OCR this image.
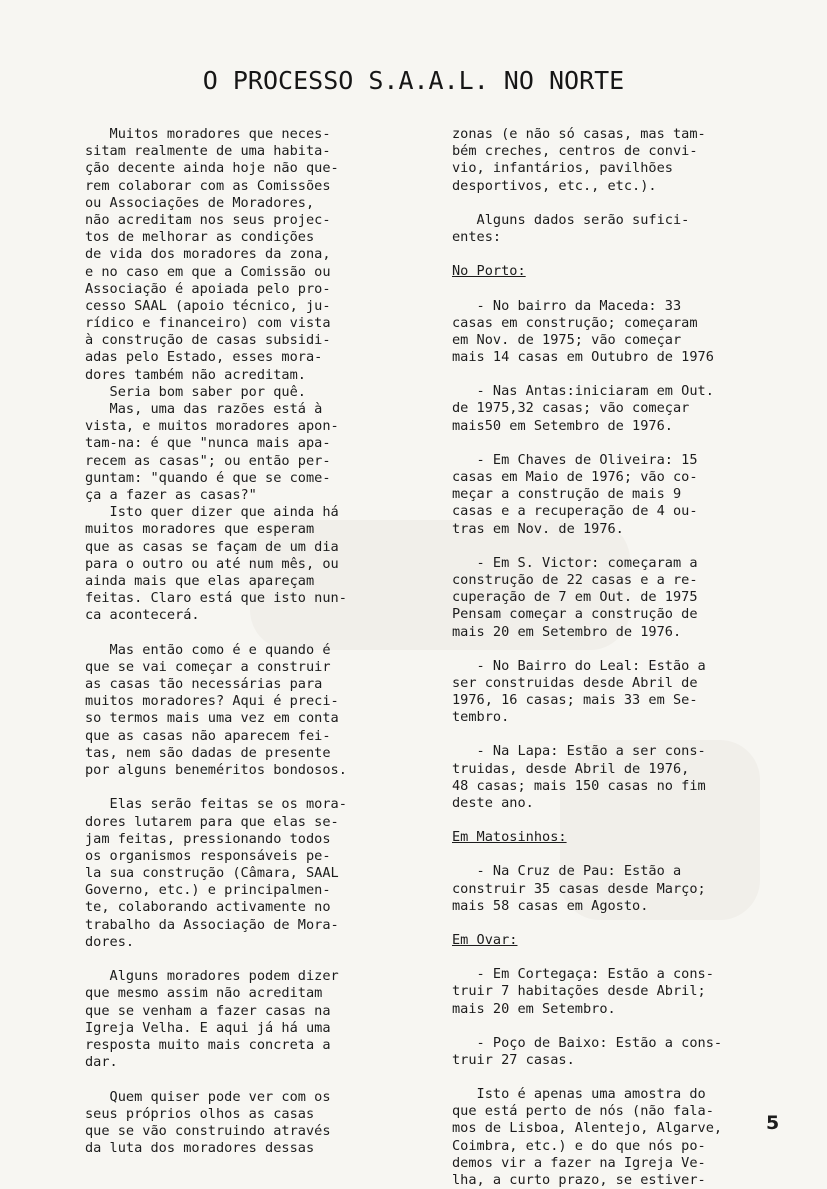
O PROCESSO S.A.A.L. NO NORTE
Muitos moradores que neces-
sitam realmente de uma habita-
ção decente ainda hoje não que-
rem colaborar com as Comissões
ou Associações de Moradores,
não acreditam nos seus projec-
tos de melhorar as condições
de vida dos moradores da zona,
e no caso em que a Comissão ou
Associação é apoiada pelo pro-
cesso SAAL (apoio técnico, ju-
rídico e financeiro) com vista
à construção de casas subsidi-
adas pelo Estado, esses mora-
dores também não acreditam.
Seria bom saber por quê.
Mas, uma das razões está à
vista, e muitos moradores apon-
tam-na: é que "nunca mais apa-
recem as casas"; ou então per-
guntam: "quando é que se come-
ça a fazer as casas?"
Isto quer dizer que ainda há
muitos moradores que esperam
que as casas se façam de um dia
para o outro ou até num mês, ou
ainda mais que elas apareçam
feitas. Claro está que isto nun-
ca acontecerá.
Mas então como é e quando é
que se vai começar a construir
as casas tão necessárias para
muitos moradores? Aqui é preci-
so termos mais uma vez em conta
que as casas não aparecem fei-
tas, nem são dadas de presente
por alguns beneméritos bondosos.
Elas serão feitas se os mora-
dores lutarem para que elas se-
jam feitas, pressionando todos
os organismos responsáveis pe-
la sua construção (Câmara, SAAL
Governo, etc.) e principalmen-
te, colaborando activamente no
trabalho da Associação de Mora-
dores.
Alguns moradores podem dizer
que mesmo assim não acreditam
que se venham a fazer casas na
Igreja Velha. E aqui já há uma
resposta muito mais concreta a
dar.
Quem quiser pode ver com os
seus próprios olhos as casas
que se vão construindo através
da luta dos moradores dessas
zonas (e não só casas, mas tam-
bém creches, centros de convi-
vio, infantários, pavilhões
desportivos, etc., etc.).
Alguns dados serão sufici-
entes:
No Porto:
- No bairro da Maceda: 33
casas em construção; começaram
em Nov. de 1975; vão começar
mais 14 casas em Outubro de 1976
- Nas Antas:iniciaram em Out.
de 1975,32 casas; vão começar
mais50 em Setembro de 1976.
- Em Chaves de Oliveira: 15
casas em Maio de 1976; vão co-
meçar a construção de mais 9
casas e a recuperação de 4 ou-
tras em Nov. de 1976.
- Em S. Victor: começaram a
construção de 22 casas e a re-
cuperação de 7 em Out. de 1975
Pensam começar a construção de
mais 20 em Setembro de 1976.
- No Bairro do Leal: Estão a
ser construidas desde Abril de
1976, 16 casas; mais 33 em Se-
tembro.
- Na Lapa: Estão a ser cons-
truidas, desde Abril de 1976,
48 casas; mais 150 casas no fim
deste ano.
Em Matosinhos:
- Na Cruz de Pau: Estão a
construir 35 casas desde Março;
mais 58 casas em Agosto.
Em Ovar:
- Em Cortegaça: Estão a cons-
truir 7 habitações desde Abril;
mais 20 em Setembro.
- Poço de Baixo: Estão a cons-
truir 27 casas.
Isto é apenas uma amostra do
que está perto de nós (não fala-
mos de Lisboa, Alentejo, Algarve,
Coimbra, etc.) e do que nós po-
demos vir a fazer na Igreja Ve-
lha, a curto prazo, se estiver-
5
